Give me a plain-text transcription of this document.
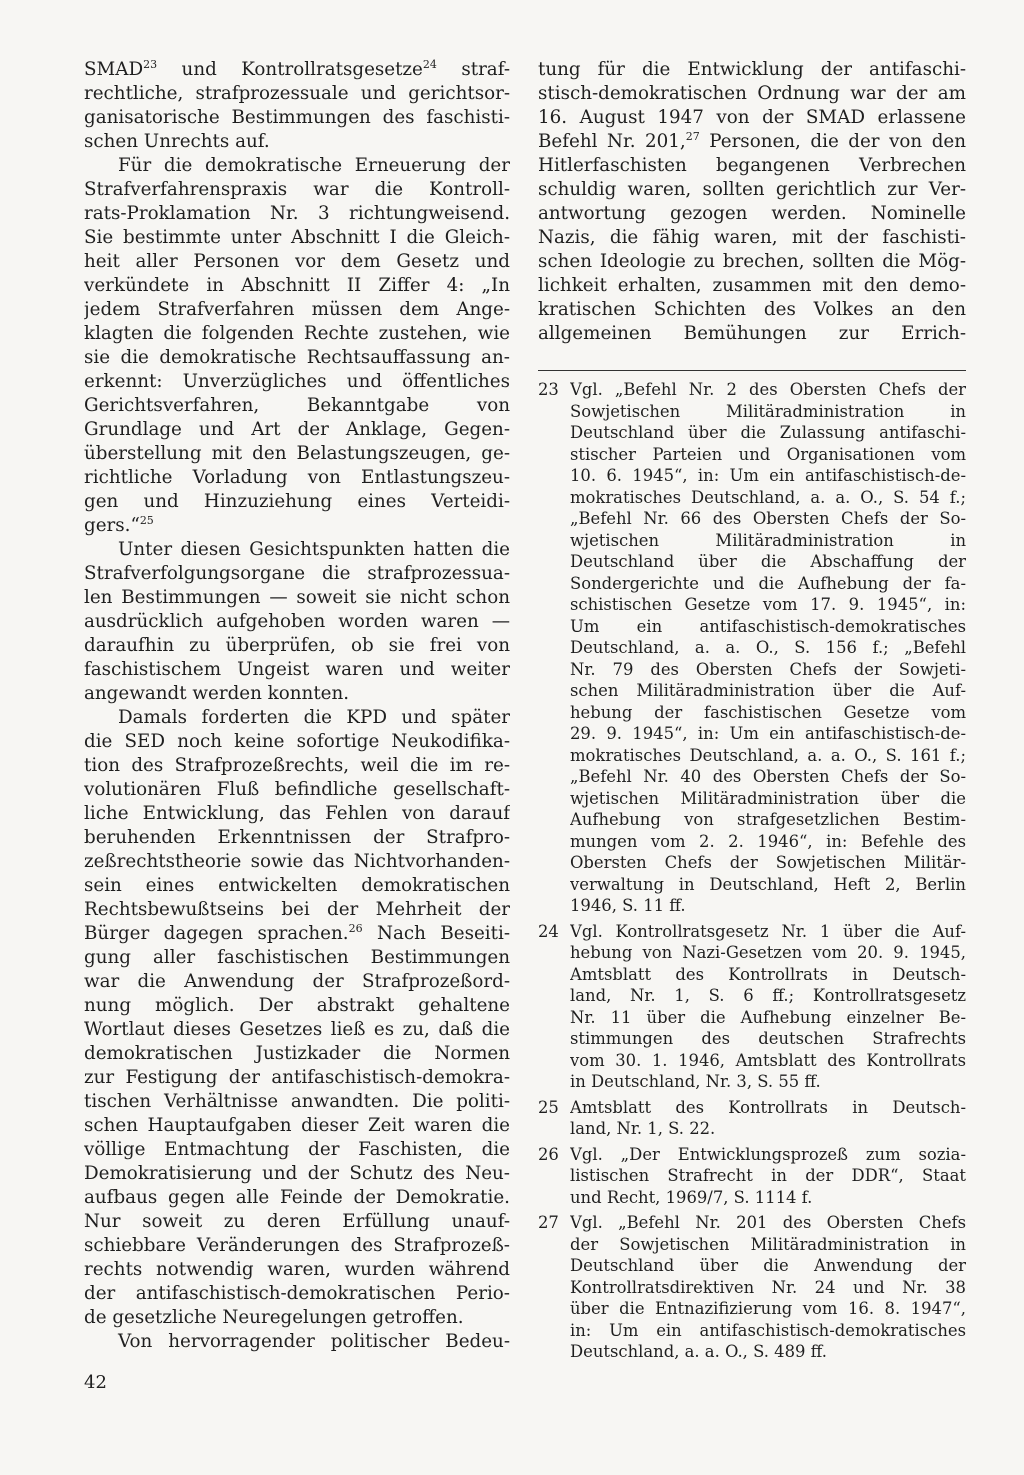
SMAD$^{23}$ und Kontrollratsgesetze$^{24}$ straf-
rechtliche, strafprozessuale und gerichtsor-
ganisatorische Bestimmungen des faschisti-
schen Unrechts auf.
Für die demokratische Erneuerung der
Strafverfahrenspraxis war die Kontroll-
rats-Proklamation Nr. 3 richtungweisend.
Sie bestimmte unter Abschnitt I die Gleich-
heit aller Personen vor dem Gesetz und
verkündete in Abschnitt II Ziffer 4: „In
jedem Strafverfahren müssen dem Ange-
klagten die folgenden Rechte zustehen, wie
sie die demokratische Rechtsauffassung an-
erkennt: Unverzügliches und öffentliches
Gerichtsverfahren, Bekanntgabe von
Grundlage und Art der Anklage, Gegen-
überstellung mit den Belastungszeugen, ge-
richtliche Vorladung von Entlastungszeu-
gen und Hinzuziehung eines Verteidi-
gers.“$^{25}$
Unter diesen Gesichtspunkten hatten die
Strafverfolgungsorgane die strafprozessua-
len Bestimmungen — soweit sie nicht schon
ausdrücklich aufgehoben worden waren —
daraufhin zu überprüfen, ob sie frei von
faschistischem Ungeist waren und weiter
angewandt werden konnten.
Damals forderten die KPD und später
die SED noch keine sofortige Neukodifika-
tion des Strafprozeßrechts, weil die im re-
volutionären Fluß befindliche gesellschaft-
liche Entwicklung, das Fehlen von darauf
beruhenden Erkenntnissen der Strafpro-
zeßrechtstheorie sowie das Nichtvorhanden-
sein eines entwickelten demokratischen
Rechtsbewußtseins bei der Mehrheit der
Bürger dagegen sprachen.$^{26}$ Nach Beseiti-
gung aller faschistischen Bestimmungen
war die Anwendung der Strafprozeßord-
nung möglich. Der abstrakt gehaltene
Wortlaut dieses Gesetzes ließ es zu, daß die
demokratischen Justizkader die Normen
zur Festigung der antifaschistisch-demokra-
tischen Verhältnisse anwandten. Die politi-
schen Hauptaufgaben dieser Zeit waren die
völlige Entmachtung der Faschisten, die
Demokratisierung und der Schutz des Neu-
aufbaus gegen alle Feinde der Demokratie.
Nur soweit zu deren Erfüllung unauf-
schiebbare Veränderungen des Strafprozeß-
rechts notwendig waren, wurden während
der antifaschistisch-demokratischen Perio-
de gesetzliche Neuregelungen getroffen.
Von hervorragender politischer Bedeu-
tung für die Entwicklung der antifaschi-
stisch-demokratischen Ordnung war der am
16. August 1947 von der SMAD erlassene
Befehl Nr. 201,27 Personen, die der von den
Hitlerfaschisten begangenen Verbrechen
schuldig waren, sollten gerichtlich zur Ver-
antwortung gezogen werden. Nominelle
Nazis, die fähig waren, mit der faschisti-
schen Ideologie zu brechen, sollten die Mög-
lichkeit erhalten, zusammen mit den demo-
kratischen Schichten des Volkes an den
allgemeinen Bemühungen zur Errich-
23 Vgl. „Befehl Nr. 2 des Obersten Chefs der
Sowjetischen Militäradministration in
Deutschland über die Zulassung antifaschi-
stischer Parteien und Organisationen vom
10. 6. 1945“, in: Um ein antifaschistisch-de-
mokratisches Deutschland, a. a. O., S. 54 f.;
„Befehl Nr. 66 des Obersten Chefs der So-
wjetischen Militäradministration in
Deutschland über die Abschaffung der
Sondergerichte und die Aufhebung der fa-
schistischen Gesetze vom 17. 9. 1945“, in:
Um ein antifaschistisch-demokratisches
Deutschland, a. a. O., S. 156 f.; „Befehl
Nr. 79 des Obersten Chefs der Sowjeti-
schen Militäradministration über die Auf-
hebung der faschistischen Gesetze vom
29. 9. 1945“, in: Um ein antifaschistisch-de-
mokratisches Deutschland, a. a. O., S. 161 f.;
„Befehl Nr. 40 des Obersten Chefs der So-
wjetischen Militäradministration über die
Aufhebung von strafgesetzlichen Bestim-
mungen vom 2. 2. 1946“, in: Befehle des
Obersten Chefs der Sowjetischen Militär-
verwaltung in Deutschland, Heft 2, Berlin
1946, S. 11 ff.
24 Vgl. Kontrollratsgesetz Nr. 1 über die Auf-
hebung von Nazi-Gesetzen vom 20. 9. 1945,
Amtsblatt des Kontrollrats in Deutsch-
land, Nr. 1, S. 6 ff.; Kontrollratsgesetz
Nr. 11 über die Aufhebung einzelner Be-
stimmungen des deutschen Strafrechts
vom 30. 1. 1946, Amtsblatt des Kontrollrats
in Deutschland, Nr. 3, S. 55 ff.
25 Amtsblatt des Kontrollrats in Deutsch-
land, Nr. 1, S. 22.
26 Vgl. „Der Entwicklungsprozeß zum sozia-
listischen Strafrecht in der DDR“, Staat
und Recht, 1969/7, S. 1114 f.
27 Vgl. „Befehl Nr. 201 des Obersten Chefs
der Sowjetischen Militäradministration in
Deutschland über die Anwendung der
Kontrollratsdirektiven Nr. 24 und Nr. 38
über die Entnazifizierung vom 16. 8. 1947“,
in: Um ein antifaschistisch-demokratisches
Deutschland, a. a. O., S. 489 ff.
42
